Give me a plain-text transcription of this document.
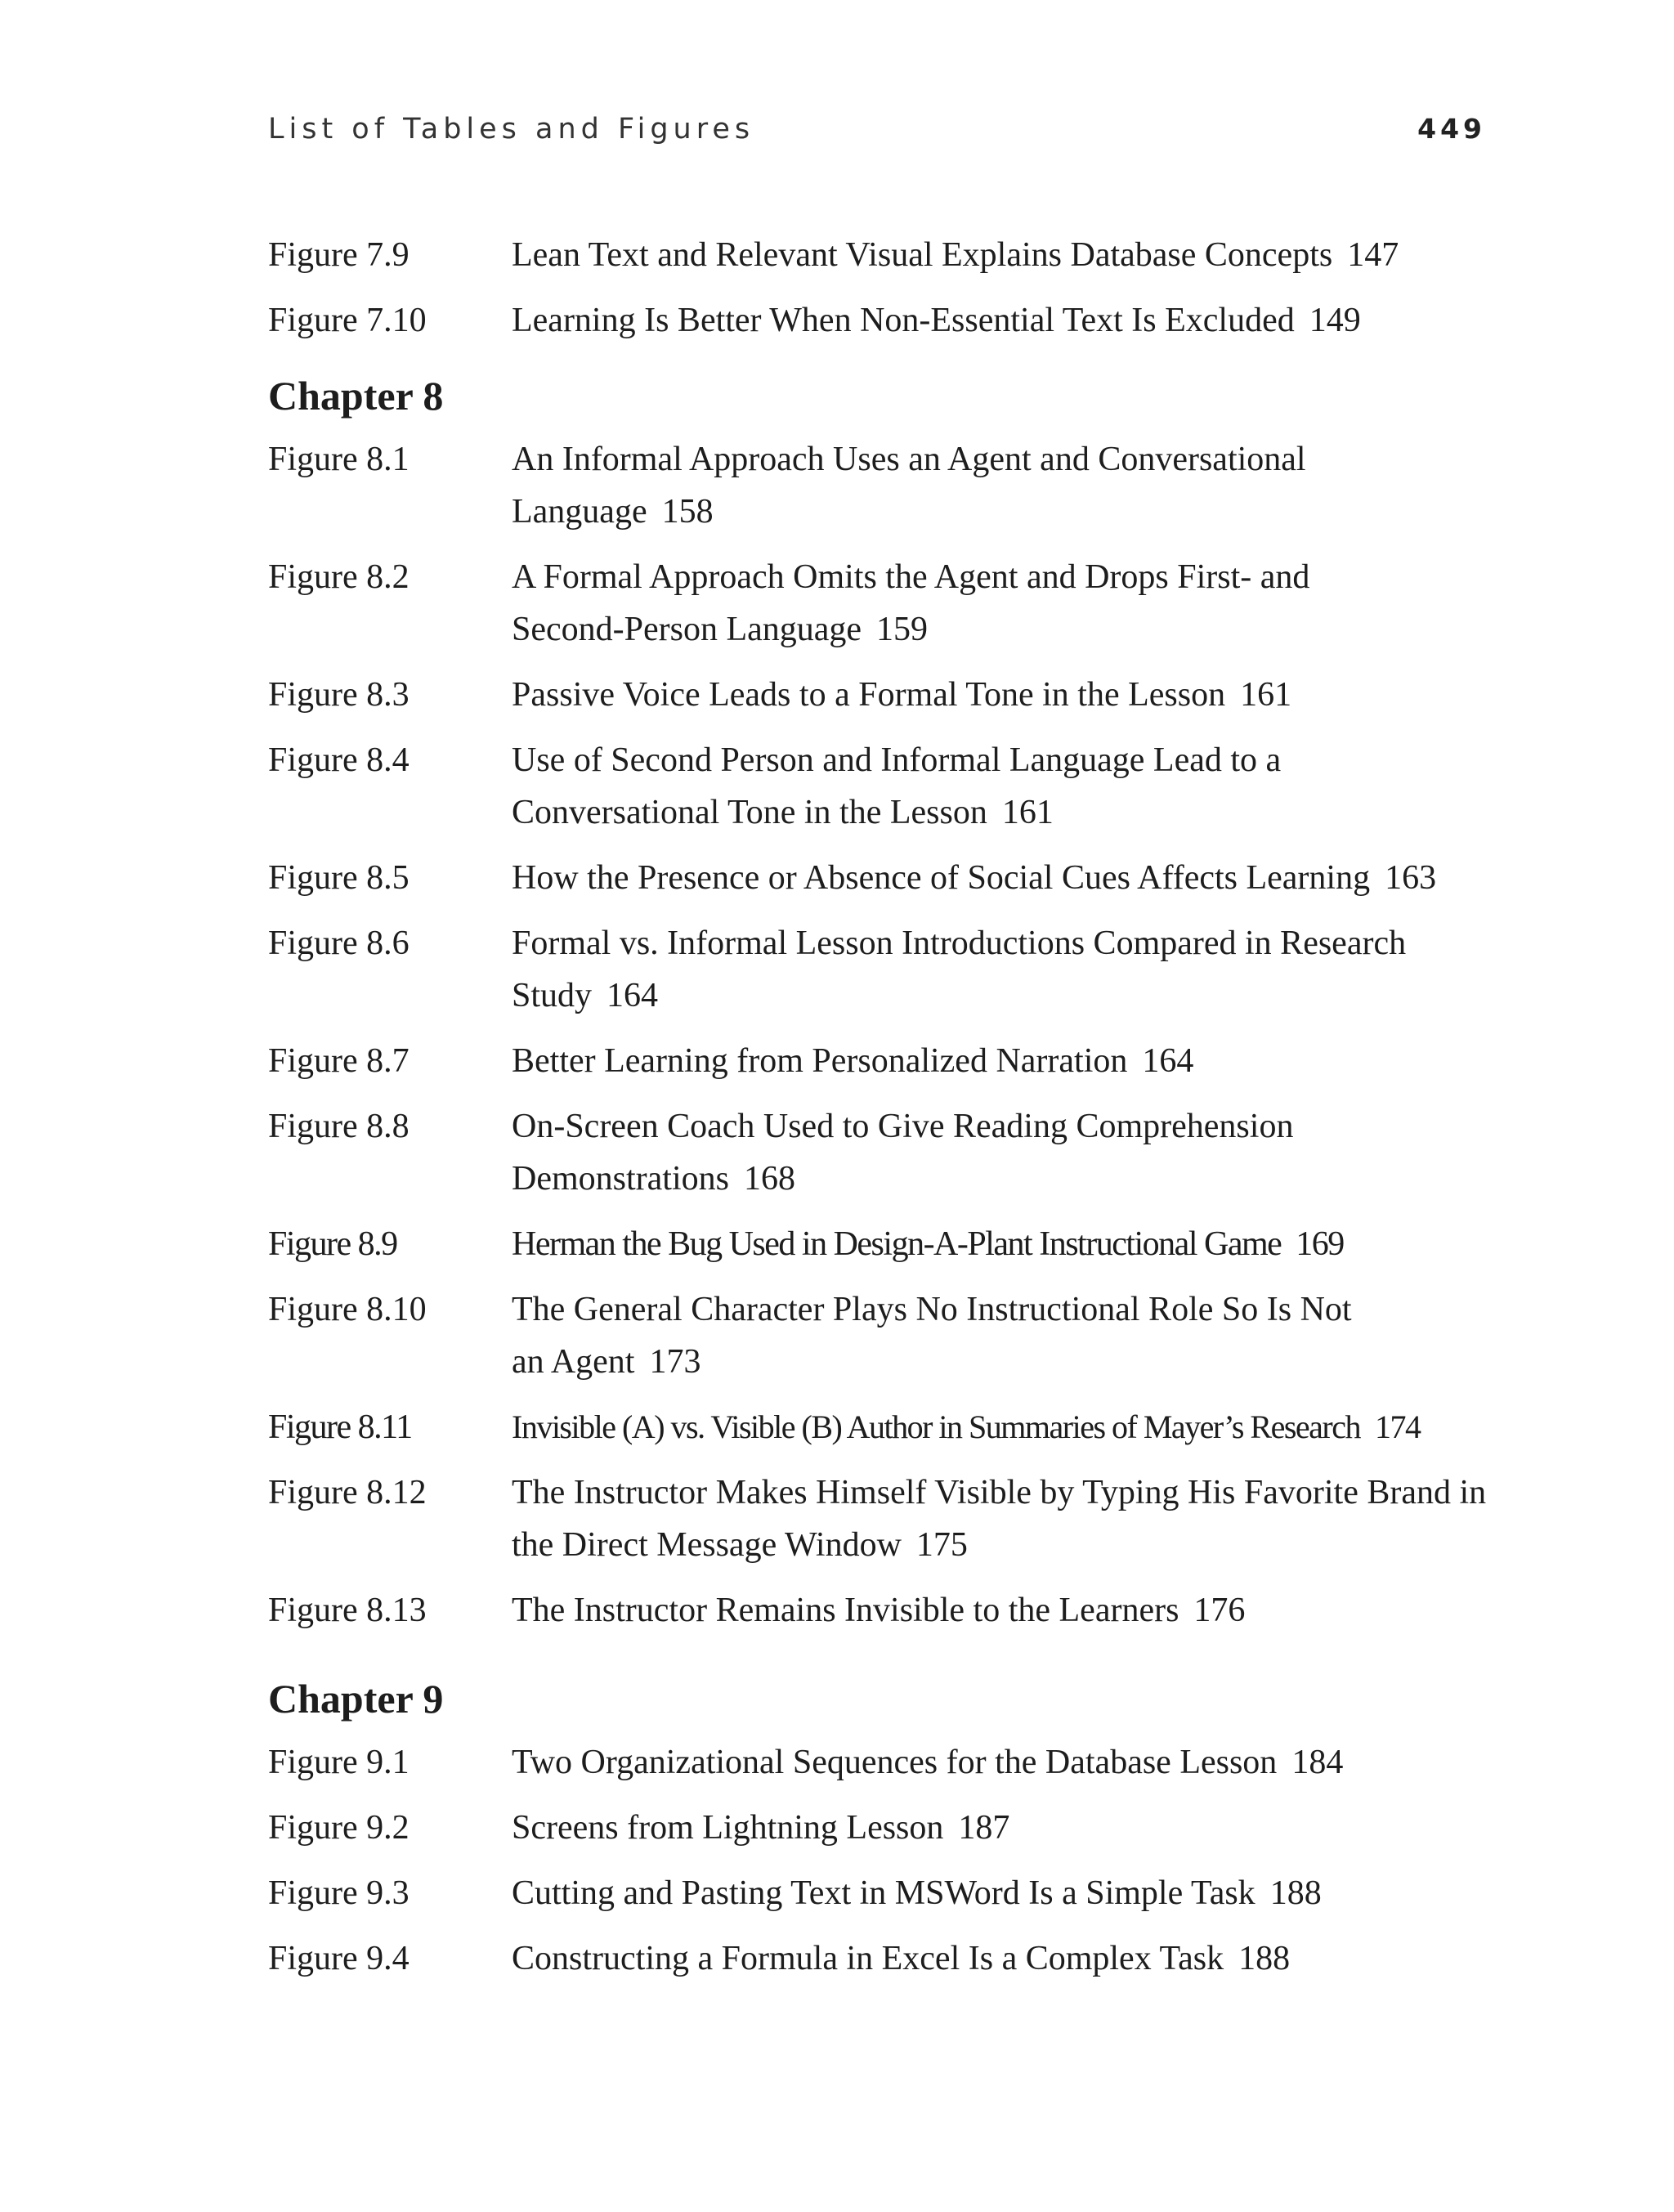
List of Tables and Figures	449
Figure 7.9	Lean Text and Relevant Visual Explains Database Concepts 147
Figure 7.10	Learning Is Better When Non-Essential Text Is Excluded 149
Chapter 8
Figure 8.1	An Informal Approach Uses an Agent and Conversational Language 158
Figure 8.2	A Formal Approach Omits the Agent and Drops First- and Second-Person Language 159
Figure 8.3	Passive Voice Leads to a Formal Tone in the Lesson 161
Figure 8.4	Use of Second Person and Informal Language Lead to a Conversational Tone in the Lesson 161
Figure 8.5	How the Presence or Absence of Social Cues Affects Learning 163
Figure 8.6	Formal vs. Informal Lesson Introductions Compared in Research Study 164
Figure 8.7	Better Learning from Personalized Narration 164
Figure 8.8	On-Screen Coach Used to Give Reading Comprehension Demonstrations 168
Figure 8.9	Herman the Bug Used in Design-A-Plant Instructional Game 169
Figure 8.10	The General Character Plays No Instructional Role So Is Not an Agent 173
Figure 8.11	Invisible (A) vs. Visible (B) Author in Summaries of Mayer’s Research 174
Figure 8.12	The Instructor Makes Himself Visible by Typing His Favorite Brand in the Direct Message Window 175
Figure 8.13	The Instructor Remains Invisible to the Learners 176
Chapter 9
Figure 9.1	Two Organizational Sequences for the Database Lesson 184
Figure 9.2	Screens from Lightning Lesson 187
Figure 9.3	Cutting and Pasting Text in MSWord Is a Simple Task 188
Figure 9.4	Constructing a Formula in Excel Is a Complex Task 188
